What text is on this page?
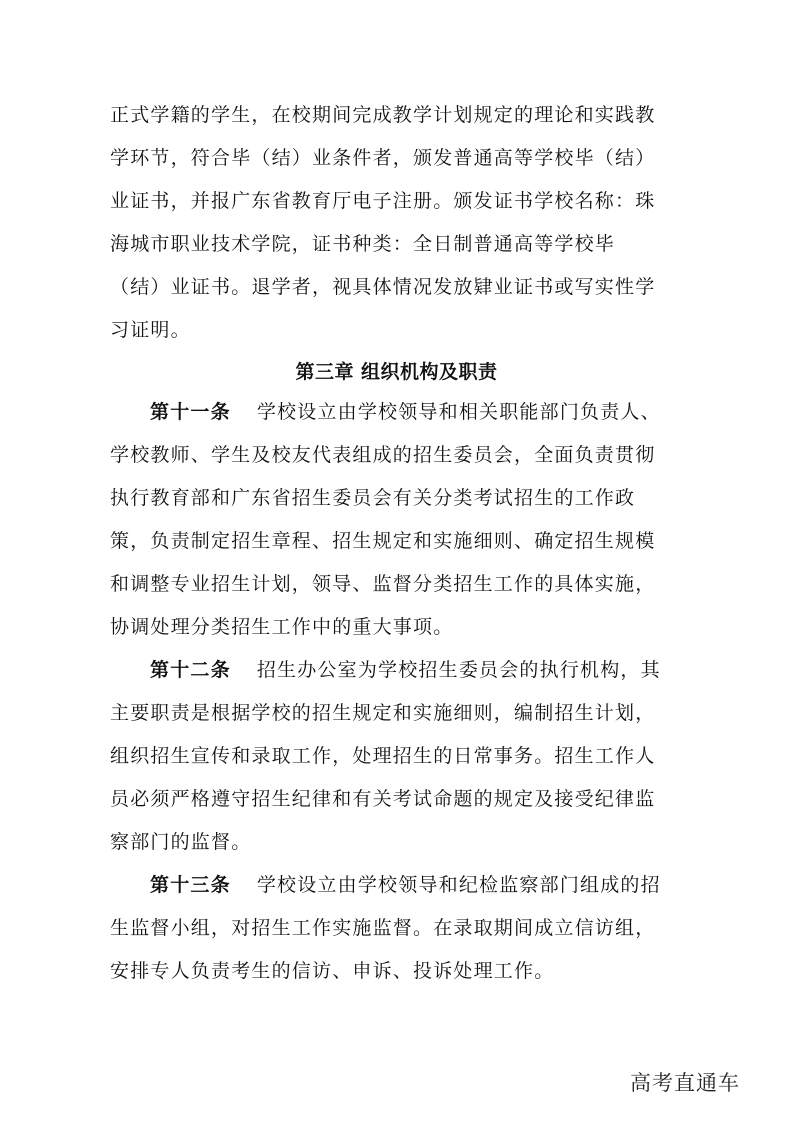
正式学籍的学生，在校期间完成教学计划规定的理论和实践教
学环节，符合毕（结）业条件者，颁发普通高等学校毕（结）
业证书，并报广东省教育厅电子注册。颁发证书学校名称：珠
海城市职业技术学院，证书种类：全日制普通高等学校毕
（结）业证书。退学者，视具体情况发放肄业证书或写实性学
习证明。
第三章 组织机构及职责
第十一条 学校设立由学校领导和相关职能部门负责人、
学校教师、学生及校友代表组成的招生委员会，全面负责贯彻
执行教育部和广东省招生委员会有关分类考试招生的工作政
策，负责制定招生章程、招生规定和实施细则、确定招生规模
和调整专业招生计划，领导、监督分类招生工作的具体实施，
协调处理分类招生工作中的重大事项。
第十二条 招生办公室为学校招生委员会的执行机构，其
主要职责是根据学校的招生规定和实施细则，编制招生计划，
组织招生宣传和录取工作，处理招生的日常事务。招生工作人
员必须严格遵守招生纪律和有关考试命题的规定及接受纪律监
察部门的监督。
第十三条 学校设立由学校领导和纪检监察部门组成的招
生监督小组，对招生工作实施监督。在录取期间成立信访组，
安排专人负责考生的信访、申诉、投诉处理工作。
高考直通车
